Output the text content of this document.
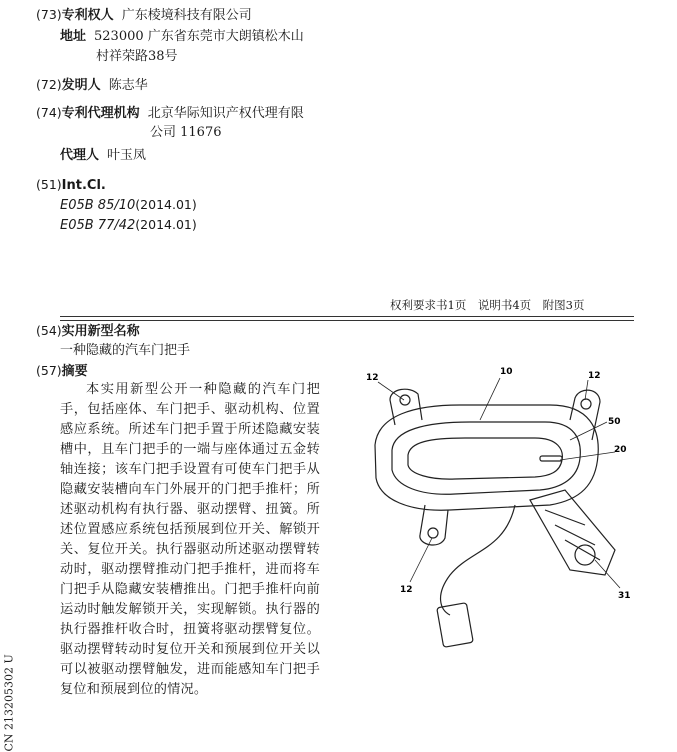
(73)专利权人 广东棱境科技有限公司
地址 523000 广东省东莞市大朗镇松木山
村祥荣路38号
(72)发明人 陈志华
(74)专利代理机构 北京华际知识产权代理有限
公司 11676
代理人 叶玉凤
(51)Int.Cl.
E05B 85/10(2014.01)
E05B 77/42(2014.01)
权利要求书1页　说明书4页　附图3页
(54)实用新型名称
一种隐藏的汽车门把手
(57)摘要
本实用新型公开一种隐藏的汽车门把手，包括座体、车门把手、驱动机构、位置感应系统。所述车门把手置于所述隐藏安装槽中，且车门把手的一端与座体通过五金转轴连接；该车门把手设置有可使车门把手从隐藏安装槽向车门外展开的门把手推杆；所述驱动机构有执行器、驱动摆臂、扭簧。所述位置感应系统包括预展到位开关、解锁开关、复位开关。执行器驱动所述驱动摆臂转动时，驱动摆臂推动门把手推杆，进而将车门把手从隐藏安装槽推出。门把手推杆向前运动时触发解锁开关，实现解锁。执行器的执行器推杆收合时，扭簧将驱动摆臂复位。驱动摆臂转动时复位开关和预展到位开关以可以被驱动摆臂触发，进而能感知车门把手复位和预展到位的情况。
CN 213205302 U
12
10	12
50
20
12
31
